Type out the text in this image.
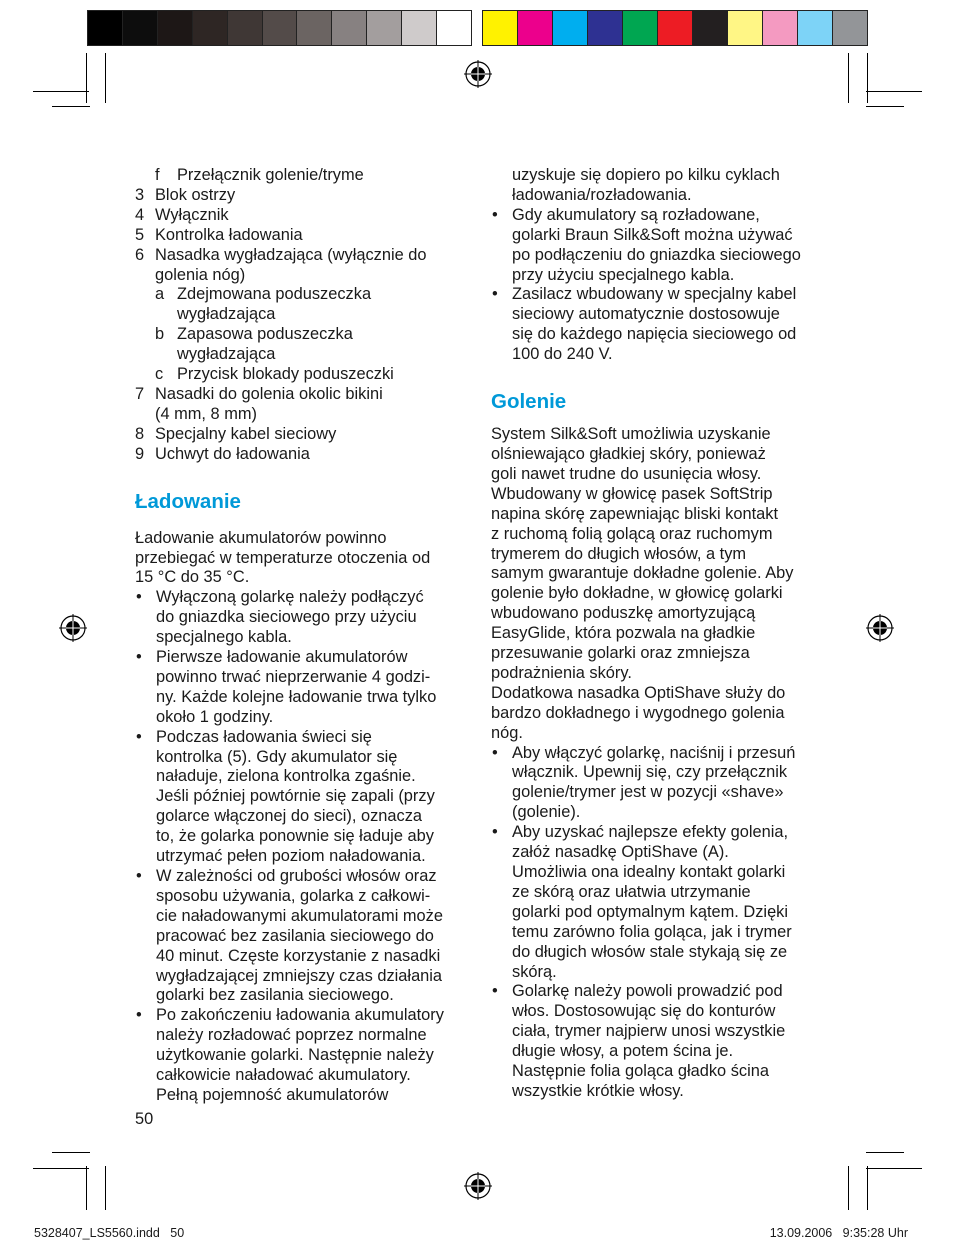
f	Przełącznik golenie/tryme
3 Blok ostrzy
4 Wyłącznik
5 Kontrolka ładowania
6 Nasadka wygładzająca (wyłącznie do
golenia nóg)
a Zdejmowana poduszeczka
wygładzająca
b Zapasowa poduszeczka
wygładzająca
c Przycisk blokady poduszeczki
7 Nasadki do golenia okolic bikini
(4 mm, 8 mm)
8 Specjalny kabel sieciowy
9 Uchwyt do ładowania
Ładowanie
Ładowanie akumulatorów powinno
przebiegać w temperaturze otoczenia od
15 °C do 35 °C.
• Wyłączoną golarkę należy podłączyć
do gniazdka sieciowego przy użyciu
specjalnego kabla.
• Pierwsze ładowanie akumulatorów
powinno trwać nieprzerwanie 4 godzi-
ny. Każde kolejne ładowanie trwa tylko
około 1 godziny.
• Podczas ładowania świeci się
kontrolka (5). Gdy akumulator się
naładuje, zielona kontrolka zgaśnie.
Jeśli później powtórnie się zapali (przy
golarce włączonej do sieci), oznacza
to, że golarka ponownie się ładuje aby
utrzymać pełen poziom naładowania.
• W zależności od grubości włosów oraz
sposobu używania, golarka z całkowi-
cie naładowanymi akumulatorami może
pracować bez zasilania sieciowego do
40 minut. Częste korzystanie z nasadki
wygładzającej zmniejszy czas działania
golarki bez zasilania sieciowego.
• Po zakończeniu ładowania akumulatory
należy rozładować poprzez normalne
użytkowanie golarki. Następnie należy
całkowicie naładować akumulatory.
Pełną pojemność akumulatorów
uzyskuje się dopiero po kilku cyklach
ładowania/rozładowania.
• Gdy akumulatory są rozładowane,
golarki Braun Silk&Soft można używać
po podłączeniu do gniazdka sieciowego
przy użyciu specjalnego kabla.
• Zasilacz wbudowany w specjalny kabel
sieciowy automatycznie dostosowuje
się do każdego napięcia sieciowego od
100 do 240 V.
Golenie
System Silk&Soft umożliwia uzyskanie
olśniewająco gładkiej skóry, ponieważ
goli nawet trudne do usunięcia włosy.
Wbudowany w głowicę pasek SoftStrip
napina skórę zapewniając bliski kontakt
z ruchomą folią golącą oraz ruchomym
trymerem do długich włosów, a tym
samym gwarantuje dokładne golenie. Aby
golenie było dokładne, w głowicę golarki
wbudowano poduszkę amortyzującą
EasyGlide, która pozwala na gładkie
przesuwanie golarki oraz zmniejsza
podrażnienia skóry.
Dodatkowa nasadka OptiShave służy do
bardzo dokładnego i wygodnego golenia
nóg.
• Aby włączyć golarkę, naciśnij i przesuń
włącznik. Upewnij się, czy przełącznik
golenie/trymer jest w pozycji «shave»
(golenie).
• Aby uzyskać najlepsze efekty golenia,
załóż nasadkę OptiShave (A).
Umożliwia ona idealny kontakt golarki
ze skórą oraz ułatwia utrzymanie
golarki pod optymalnym kątem. Dzięki
temu zarówno folia goląca, jak i trymer
do długich włosów stale stykają się ze
skórą.
• Golarkę należy powoli prowadzić pod
włos. Dostosowując się do konturów
ciała, trymer najpierw unosi wszystkie
długie włosy, a potem ścina je.
Następnie folia goląca gładko ścina
wszystkie krótkie włosy.
50
5328407_LS5560.indd   50	13.09.2006   9:35:28 Uhr
